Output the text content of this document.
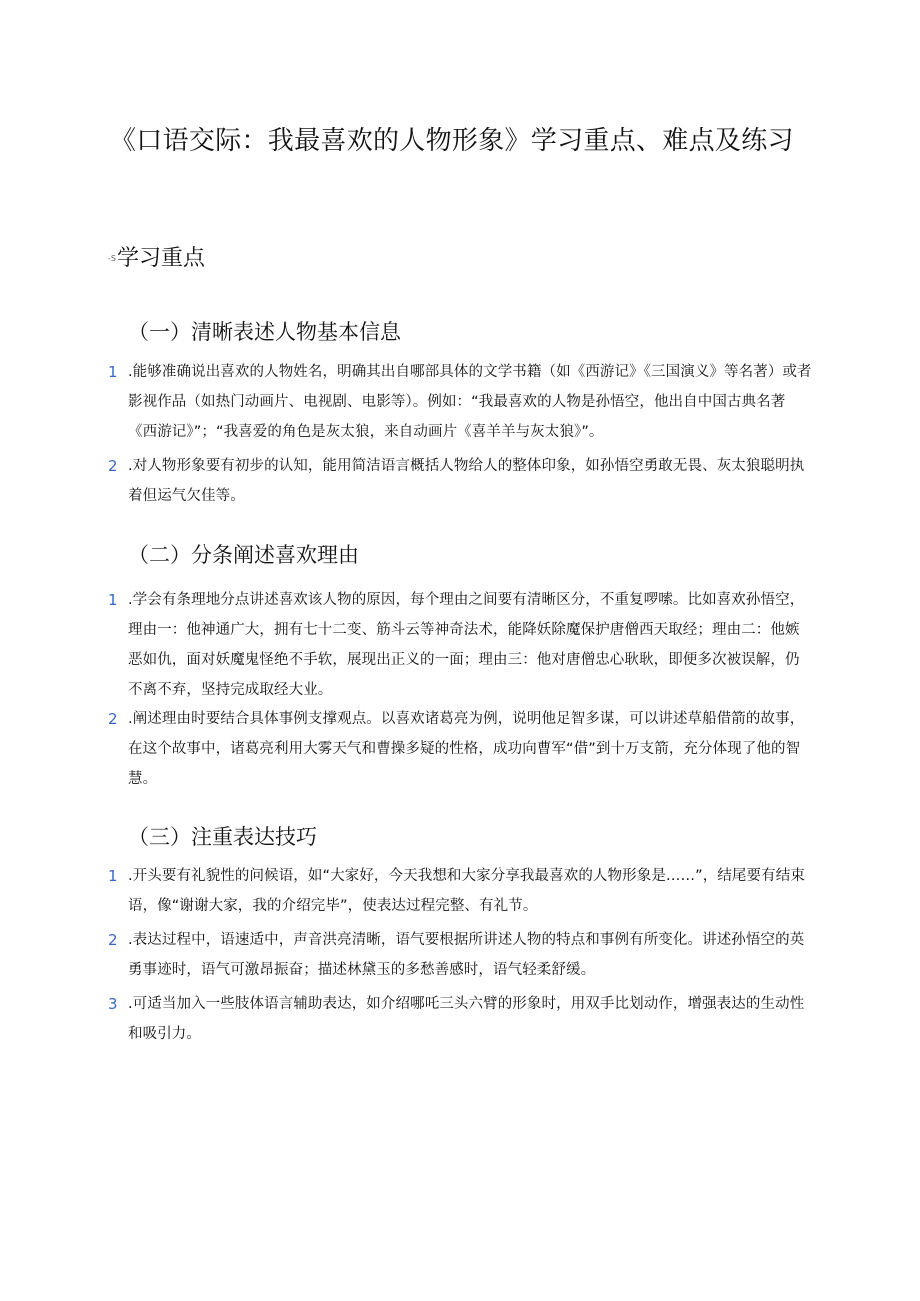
《口语交际：我最喜欢的人物形象》学习重点、难点及练习
-S学习重点
（一）清晰表述人物基本信息
1 .能够准确说出喜欢的人物姓名，明确其出自哪部具体的文学书籍（如《西游记》《三国演义》等名著）或者影视作品（如热门动画片、电视剧、电影等）。例如：“我最喜欢的人物是孙悟空，他出自中国古典名著《西游记》”；“我喜爱的角色是灰太狼，来自动画片《喜羊羊与灰太狼》”。
2 .对人物形象要有初步的认知，能用简洁语言概括人物给人的整体印象，如孙悟空勇敢无畏、灰太狼聪明执着但运气欠佳等。
（二）分条阐述喜欢理由
1 .学会有条理地分点讲述喜欢该人物的原因，每个理由之间要有清晰区分，不重复啰嗦。比如喜欢孙悟空，理由一：他神通广大，拥有七十二变、筋斗云等神奇法术，能降妖除魔保护唐僧西天取经；理由二：他嫉恶如仇，面对妖魔鬼怪绝不手软，展现出正义的一面；理由三：他对唐僧忠心耿耿，即便多次被误解，仍不离不弃，坚持完成取经大业。
2 .阐述理由时要结合具体事例支撑观点。以喜欢诸葛亮为例，说明他足智多谋，可以讲述草船借箭的故事，在这个故事中，诸葛亮利用大雾天气和曹操多疑的性格，成功向曹军“借”到十万支箭，充分体现了他的智慧。
（三）注重表达技巧
1 .开头要有礼貌性的问候语，如“大家好，今天我想和大家分享我最喜欢的人物形象是……”，结尾要有结束语，像“谢谢大家，我的介绍完毕”，使表达过程完整、有礼节。
2 .表达过程中，语速适中，声音洪亮清晰，语气要根据所讲述人物的特点和事例有所变化。讲述孙悟空的英勇事迹时，语气可激昂振奋；描述林黛玉的多愁善感时，语气轻柔舒缓。
3 .可适当加入一些肢体语言辅助表达，如介绍哪吒三头六臂的形象时，用双手比划动作，增强表达的生动性和吸引力。
